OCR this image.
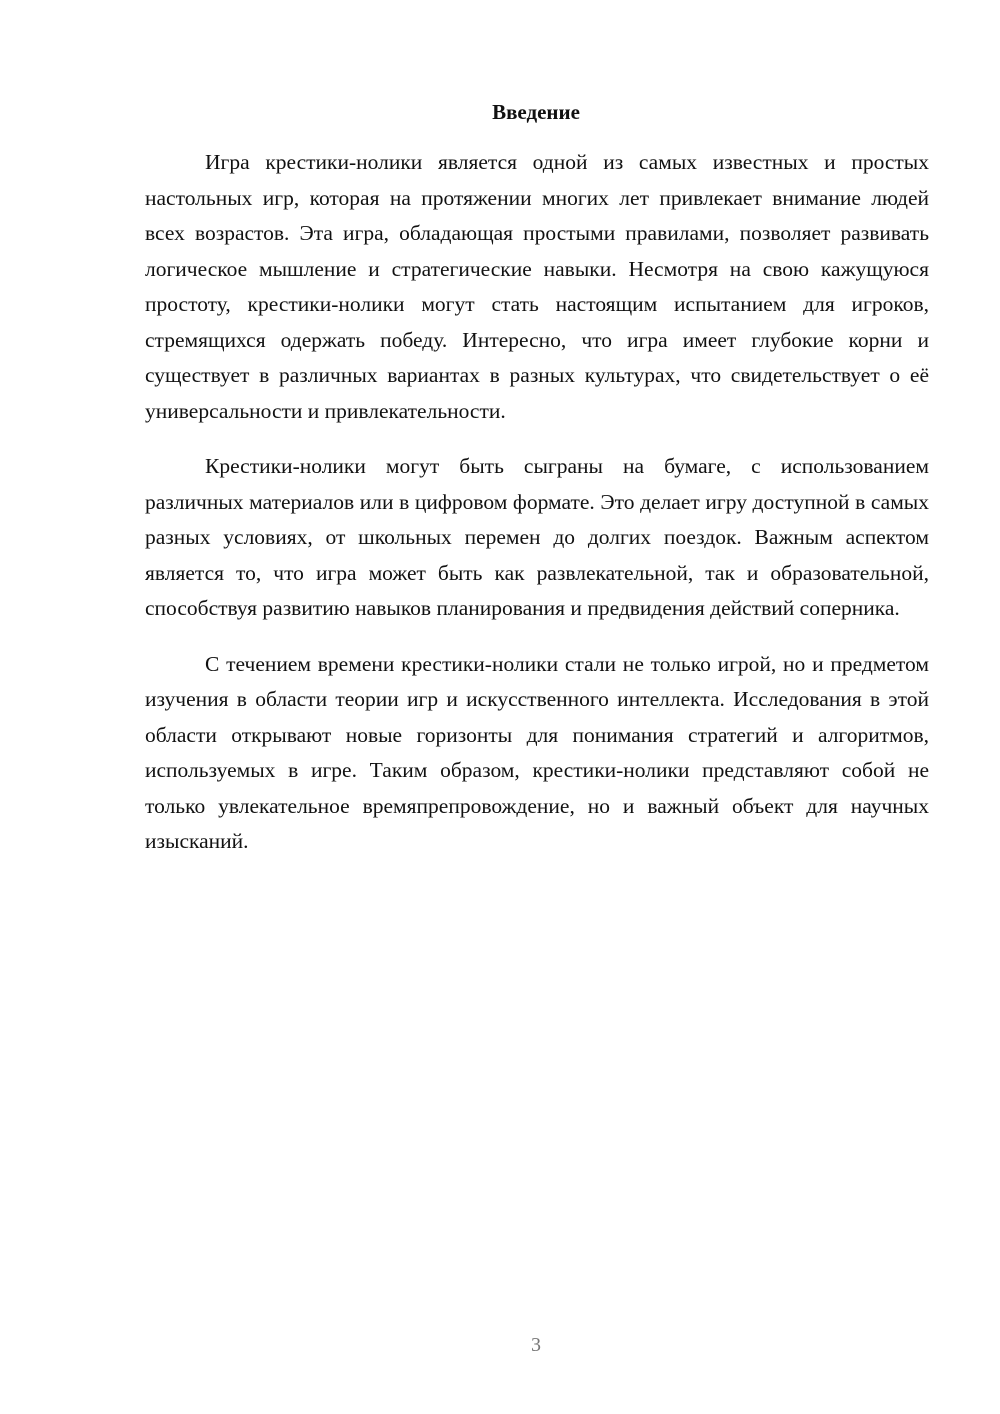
Введение

Игра крестики-нолики является одной из самых известных и простых настольных игр, которая на протяжении многих лет привлекает внимание людей всех возрастов. Эта игра, обладающая простыми правилами, позволяет развивать логическое мышление и стратегические навыки. Несмотря на свою кажущуюся простоту, крестики-нолики могут стать настоящим испытанием для игроков, стремящихся одержать победу. Интересно, что игра имеет глубокие корни и существует в различных вариантах в разных культурах, что свидетельствует о её универсальности и привлекательности.

Крестики-нолики могут быть сыграны на бумаге, с использованием различных материалов или в цифровом формате. Это делает игру доступной в самых разных условиях, от школьных перемен до долгих поездок. Важным аспектом является то, что игра может быть как развлекательной, так и образовательной, способствуя развитию навыков планирования и предвидения действий соперника.

С течением времени крестики-нолики стали не только игрой, но и предметом изучения в области теории игр и искусственного интеллекта. Исследования в этой области открывают новые горизонты для понимания стратегий и алгоритмов, используемых в игре. Таким образом, крестики-нолики представляют собой не только увлекательное времяпрепровождение, но и важный объект для научных изысканий.

3
